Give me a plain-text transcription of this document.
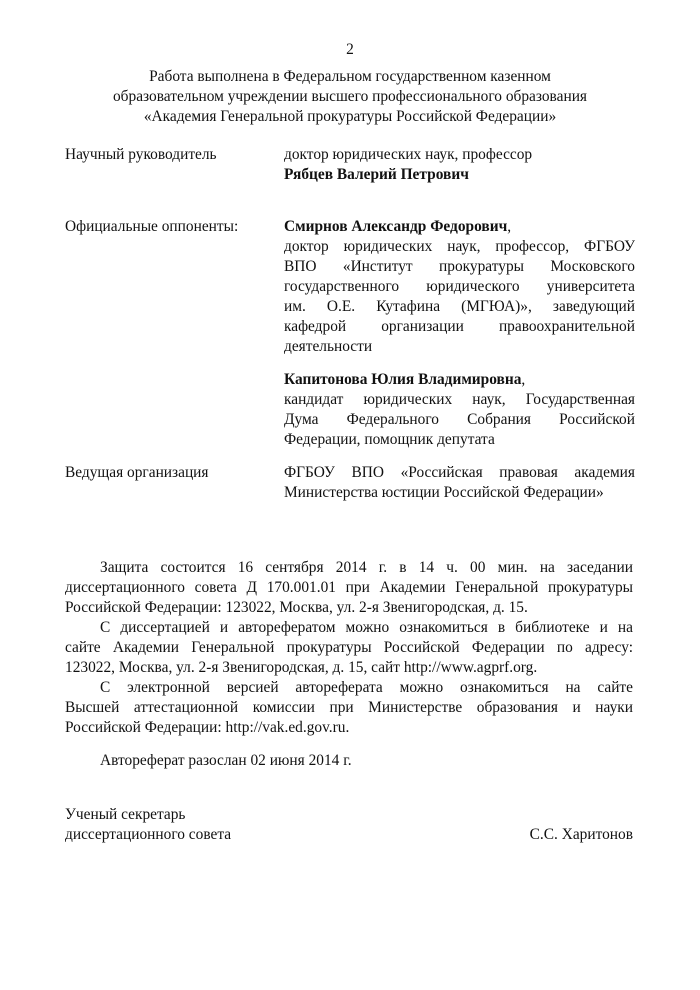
2
Работа выполнена в Федеральном государственном казенном
образовательном учреждении высшего профессионального образования
«Академия Генеральной прокуратуры Российской Федерации»
Научный руководитель	доктор юридических наук, профессор
Рябцев Валерий Петрович
Официальные оппоненты:	Смирнов Александр Федорович,
доктор юридических наук, профессор, ФГБОУ
ВПО «Институт прокуратуры Московского
государственного юридического университета
им. О.Е. Кутафина (МГЮА)», заведующий
кафедрой организации правоохранительной
деятельности
Капитонова Юлия Владимировна,
кандидат юридических наук, Государственная
Дума Федерального Собрания Российской
Федерации, помощник депутата
Ведущая организация	ФГБОУ ВПО «Российская правовая академия
Министерства юстиции Российской Федерации»
Защита состоится 16 сентября 2014 г. в 14 ч. 00 мин. на заседании
диссертационного совета Д 170.001.01 при Академии Генеральной прокуратуры
Российской Федерации: 123022, Москва, ул. 2-я Звенигородская, д. 15.
С диссертацией и авторефератом можно ознакомиться в библиотеке и на
сайте Академии Генеральной прокуратуры Российской Федерации по адресу:
123022, Москва, ул. 2-я Звенигородская, д. 15, сайт http://www.agprf.org.
С электронной версией автореферата можно ознакомиться на сайте
Высшей аттестационной комиссии при Министерстве образования и науки
Российской Федерации: http://vak.ed.gov.ru.
Автореферат разослан 02 июня 2014 г.
Ученый секретарь
диссертационного совета	С.С. Харитонов
